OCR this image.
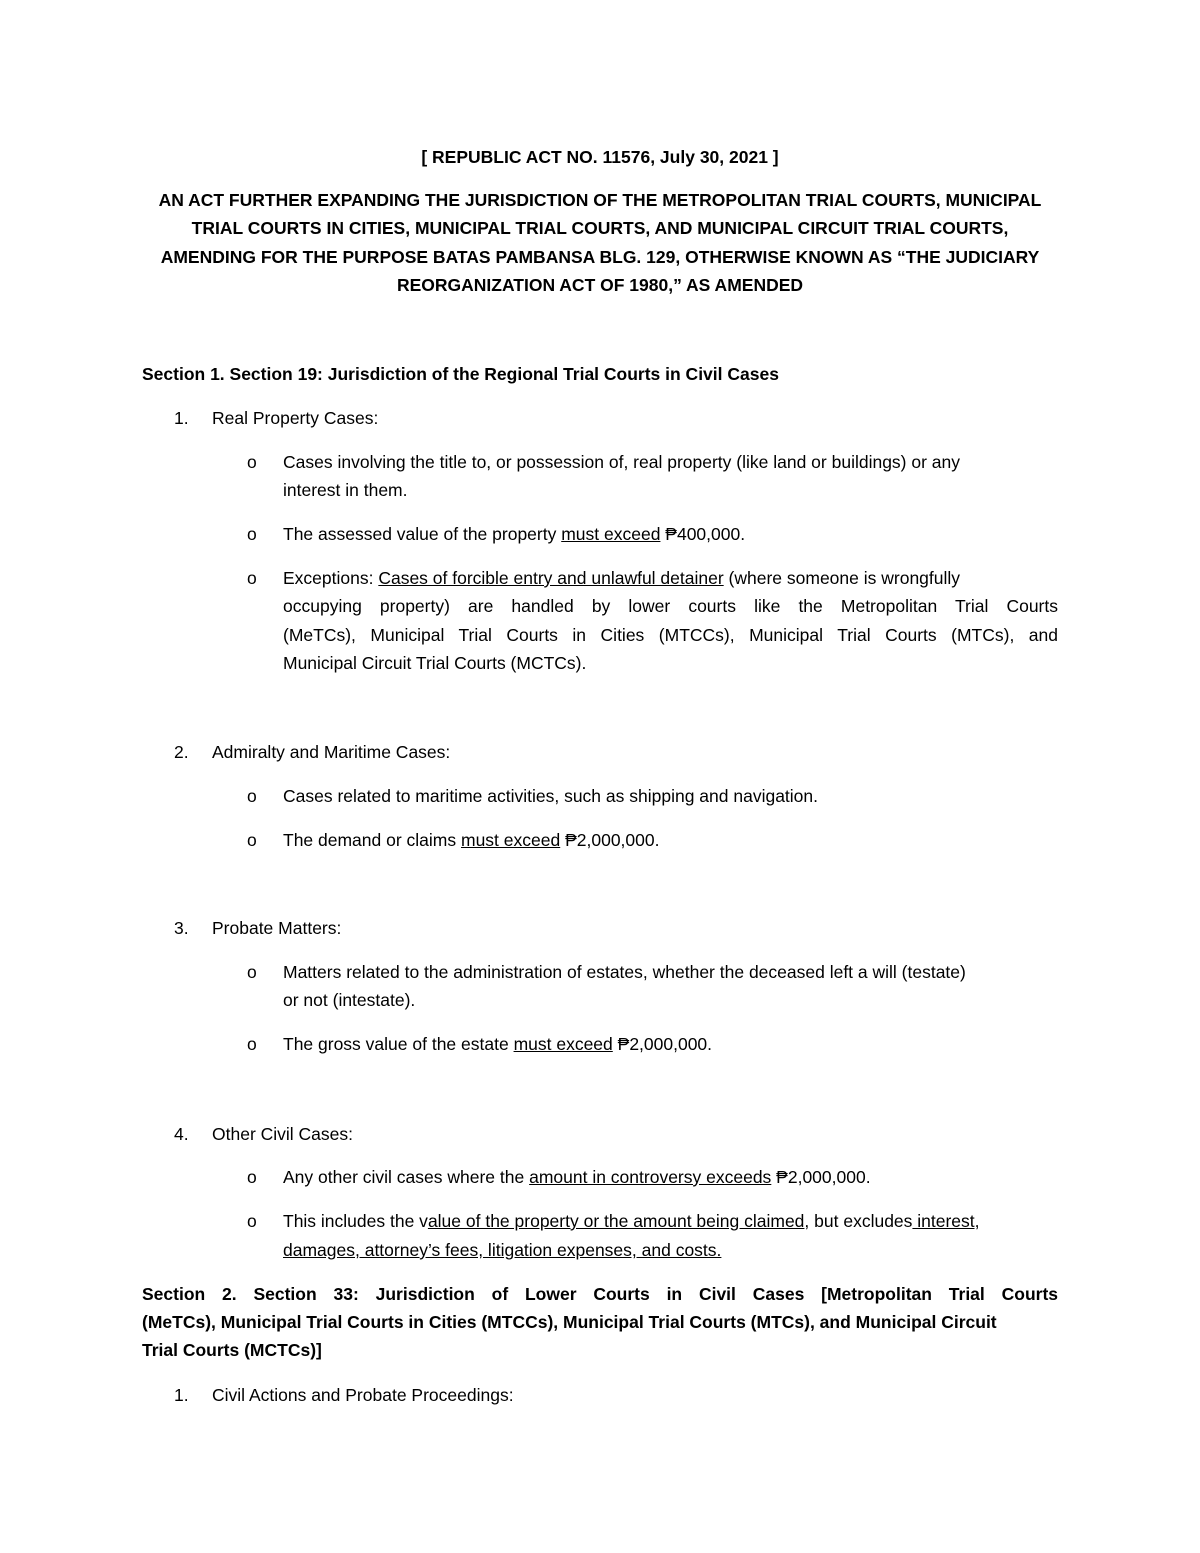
[ REPUBLIC ACT NO. 11576, July 30, 2021 ]
AN ACT FURTHER EXPANDING THE JURISDICTION OF THE METROPOLITAN TRIAL COURTS, MUNICIPAL
TRIAL COURTS IN CITIES, MUNICIPAL TRIAL COURTS, AND MUNICIPAL CIRCUIT TRIAL COURTS,
AMENDING FOR THE PURPOSE BATAS PAMBANSA BLG. 129, OTHERWISE KNOWN AS “THE JUDICIARY
REORGANIZATION ACT OF 1980,” AS AMENDED
Section 1. Section 19: Jurisdiction of the Regional Trial Courts in Civil Cases
1. Real Property Cases:
o Cases involving the title to, or possession of, real property (like land or buildings) or any
interest in them.
o The assessed value of the property must exceed ₱400,000.
o Exceptions: Cases of forcible entry and unlawful detainer (where someone is wrongfully
occupying property) are handled by lower courts like the Metropolitan Trial Courts
(MeTCs), Municipal Trial Courts in Cities (MTCCs), Municipal Trial Courts (MTCs), and
Municipal Circuit Trial Courts (MCTCs).
2. Admiralty and Maritime Cases:
o Cases related to maritime activities, such as shipping and navigation.
o The demand or claims must exceed ₱2,000,000.
3. Probate Matters:
o Matters related to the administration of estates, whether the deceased left a will (testate)
or not (intestate).
o The gross value of the estate must exceed ₱2,000,000.
4. Other Civil Cases:
o Any other civil cases where the amount in controversy exceeds ₱2,000,000.
o This includes the value of the property or the amount being claimed, but excludes interest,
damages, attorney’s fees, litigation expenses, and costs.
Section 2. Section 33: Jurisdiction of Lower Courts in Civil Cases [Metropolitan Trial Courts
(MeTCs), Municipal Trial Courts in Cities (MTCCs), Municipal Trial Courts (MTCs), and Municipal Circuit
Trial Courts (MCTCs)]
1. Civil Actions and Probate Proceedings:
